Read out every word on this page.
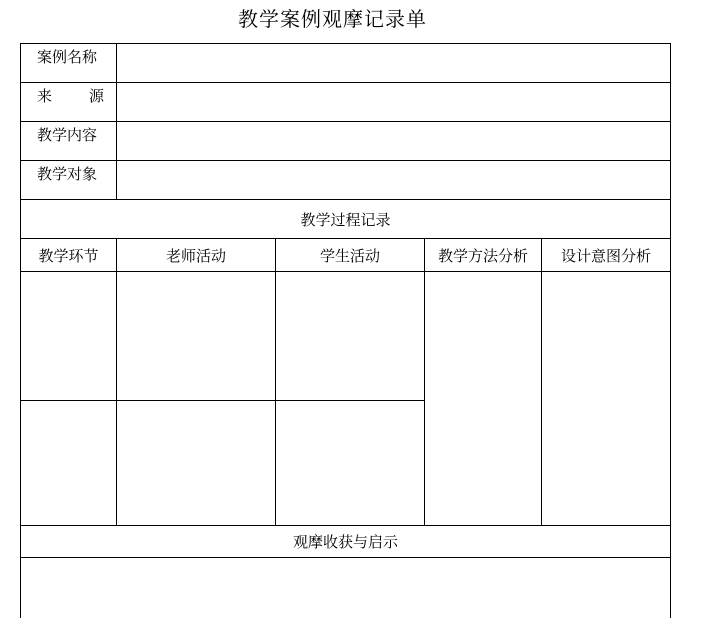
教学案例观摩记录单
案例名称				
来 源				
教学内容				
教学对象				
教学过程记录				
教学环节	老师活动	学生活动	教学方法分析	设计意图分析

观摩收获与启示				
